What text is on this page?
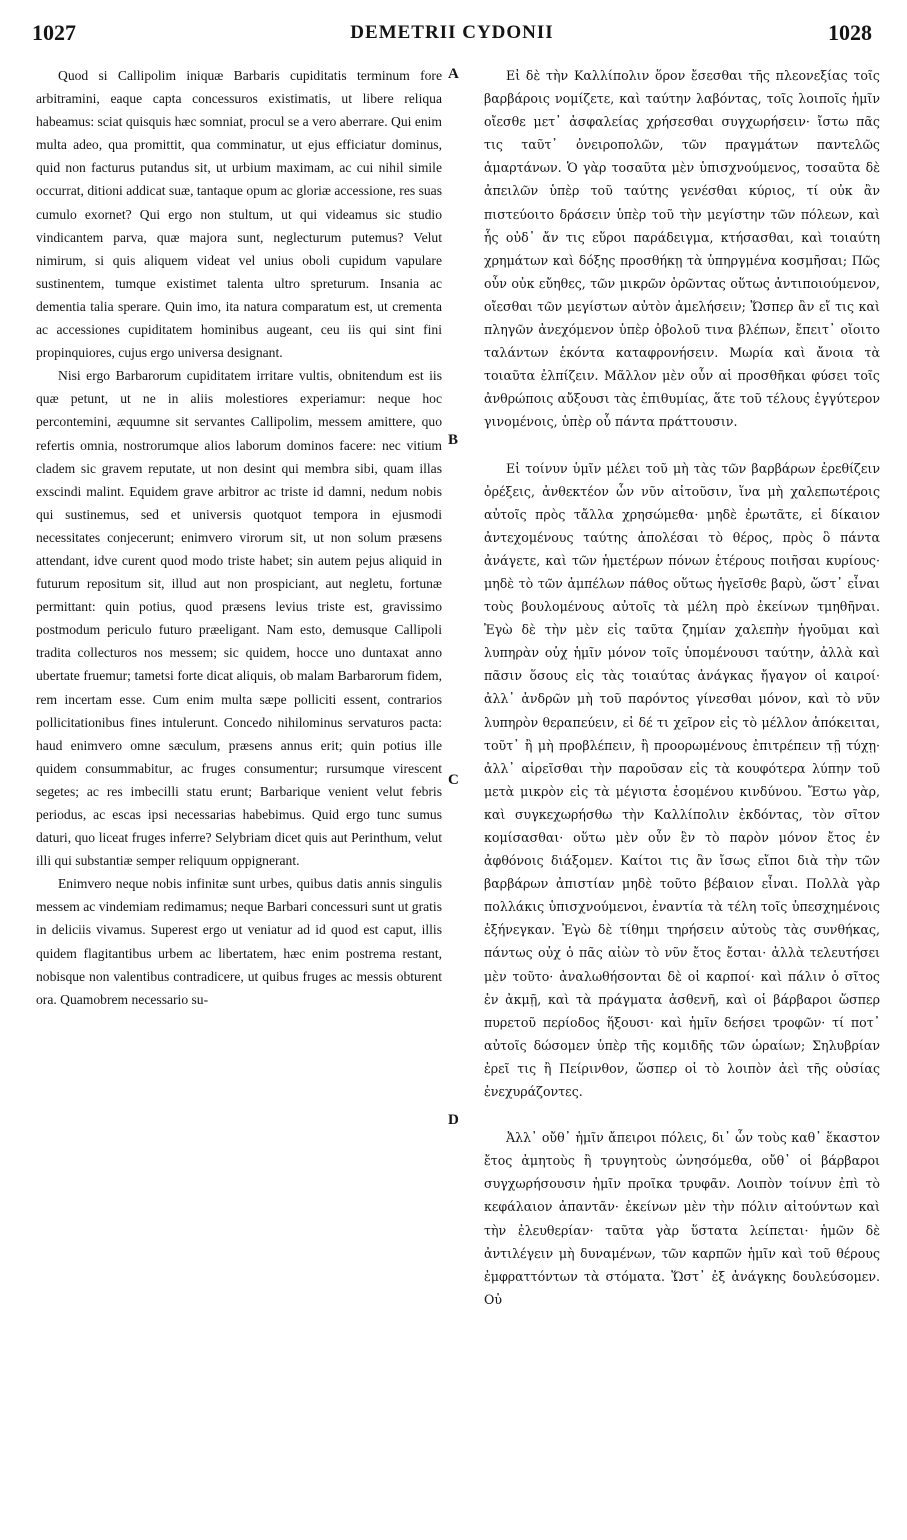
1027	DEMETRII CYDONII	1028

Quod si Callipolim iniquæ Barbaris cupiditatis terminum fore arbitramini, eaque capta concessuros existimatis, ut libere reliqua habeamus: sciat quisquis hæc somniat, procul se a vero aberrare. Qui enim multa adeo, qua promittit, qua comminatur, ut ejus efficiatur dominus, quid non facturus putandus sit, ut urbium maximam, ac cui nihil simile occurrat, ditioni addicat suæ, tantaque opum ac gloriæ accessione, res suas cumulo exornet? Qui ergo non stultum, ut qui videamus sic studio vindicantem parva, quæ majora sunt, neglecturum putemus? Velut nimirum, si quis aliquem videat vel unius oboli cupidum vapulare sustinentem, tumque existimet talenta ultro spreturum. Insania ac dementia talia sperare. Quin imo, ita natura comparatum est, ut crementa ac accessiones cupiditatem hominibus augeant, ceu iis qui sint fini propinquiores, cujus ergo universa designant.

Nisi ergo Barbarorum cupiditatem irritare vultis, obnitendum est iis quæ petunt, ut ne in aliis molestiores experiamur: neque hoc percontemini, æquumne sit servantes Callipolim, messem amittere, quo refertis omnia, nostrorumque alios laborum dominos facere: nec vitium cladem sic gravem reputate, ut non desint qui membra sibi, quam illas exscindi malint. Equidem grave arbitror ac triste id damni, nedum nobis qui sustinemus, sed et universis quotquot tempora in ejusmodi necessitates conjecerunt; enimvero virorum sit, ut non solum præsens attendant, idve curent quod modo triste habet; sin autem pejus aliquid in futurum repositum sit, illud aut non prospiciant, aut negletu, fortunæ permittant: quin potius, quod præsens levius triste est, gravissimo postmodum periculo futuro præeligant. Nam esto, demusque Callipoli tradita collecturos nos messem; sic quidem, hocce uno duntaxat anno ubertate fruemur; tametsi forte dicat aliquis, ob malam Barbarorum fidem, rem incertam esse. Cum enim multa sæpe polliciti essent, contrarios pollicitationibus fines intulerunt. Concedo nihilominus servaturos pacta: haud enimvero omne sæculum, præsens annus erit; quin potius ille quidem consummabitur, ac fruges consumentur; rursumque virescent segetes; ac res imbecilli statu erunt; Barbarique venient velut febris periodus, ac escas ipsi necessarias habebimus. Quid ergo tunc sumus daturi, quo liceat fruges inferre? Selybriam dicet quis aut Perinthum, velut illi qui substantiæ semper reliquum oppignerant.

Enimvero neque nobis infinitæ sunt urbes, quibus datis annis singulis messem ac vindemiam redimamus; neque Barbari concessuri sunt ut gratis in deliciis vivamus. Superest ergo ut veniatur ad id quod est caput, illis quidem flagitantibus urbem ac libertatem, hæc enim postrema restant, nobisque non valentibus contradicere, ut quibus fruges ac messis obturent ora. Quamobrem necessario su-

A
B
C
D

Εἰ δὲ τὴν Καλλίπολιν ὅρον ἔσεσθαι τῆς πλεονεξίας τοῖς βαρβάροις νομίζετε, καὶ ταύτην λαβόντας, τοῖς λοιποῖς ἡμῖν οἴεσθε μετ᾽ ἀσφαλείας χρήσεσθαι συγχωρήσειν· ἴστω πᾶς τις ταῦτ᾽ ὀνειροπολῶν, τῶν πραγμάτων παντελῶς ἁμαρτάνων. Ὁ γὰρ τοσαῦτα μὲν ὑπισχνούμενος, τοσαῦτα δὲ ἀπειλῶν ὑπὲρ τοῦ ταύτης γενέσθαι κύριος, τί οὐκ ἂν πιστεύοιτο δράσειν ὑπὲρ τοῦ τὴν μεγίστην τῶν πόλεων, καὶ ἧς οὐδ᾽ ἄν τις εὕροι παράδειγμα, κτήσασθαι, καὶ τοιαύτη χρημάτων καὶ δόξης προσθήκῃ τὰ ὑπηργμένα κοσμῆσαι; Πῶς οὖν οὐκ εὔηθες, τῶν μικρῶν ὁρῶντας οὕτως ἀντιποιούμενον, οἴεσθαι τῶν μεγίστων αὐτὸν ἀμελήσειν; Ὥσπερ ἂν εἴ τις καὶ πληγῶν ἀνεχόμενον ὑπὲρ ὀβολοῦ τινα βλέπων, ἔπειτ᾽ οἴοιτο ταλάντων ἑκόντα καταφρονήσειν. Μωρία καὶ ἄνοια τὰ τοιαῦτα ἐλπίζειν. Μᾶλλον μὲν οὖν αἱ προσθῆκαι φύσει τοῖς ἀνθρώποις αὔξουσι τὰς ἐπιθυμίας, ἅτε τοῦ τέλους ἐγγύτερον γινομένοις, ὑπὲρ οὗ πάντα πράττουσιν.

Εἰ τοίνυν ὑμῖν μέλει τοῦ μὴ τὰς τῶν βαρβάρων ἐρεθίζειν ὀρέξεις, ἀνθεκτέον ὧν νῦν αἰτοῦσιν, ἵνα μὴ χαλεπωτέροις αὐτοῖς πρὸς τἄλλα χρησώμεθα· μηδὲ ἐρωτᾶτε, εἰ δίκαιον ἀντεχομένους ταύτης ἀπολέσαι τὸ θέρος, πρὸς ὃ πάντα ἀνάγετε, καὶ τῶν ἡμετέρων πόνων ἑτέρους ποιῆσαι κυρίους· μηδὲ τὸ τῶν ἀμπέλων πάθος οὕτως ἡγεῖσθε βαρὺ, ὥστ᾽ εἶναι τοὺς βουλομένους αὐτοῖς τὰ μέλη πρὸ ἐκείνων τμηθῆναι. Ἐγὼ δὲ τὴν μὲν εἰς ταῦτα ζημίαν χαλεπὴν ἡγοῦμαι καὶ λυπηρὰν οὐχ ἡμῖν μόνον τοῖς ὑπομένουσι ταύτην, ἀλλὰ καὶ πᾶσιν ὅσους εἰς τὰς τοιαύτας ἀνάγκας ἤγαγον οἱ καιροί· ἀλλ᾽ ἀνδρῶν μὴ τοῦ παρόντος γίνεσθαι μόνον, καὶ τὸ νῦν λυπηρὸν θεραπεύειν, εἰ δέ τι χεῖρον εἰς τὸ μέλλον ἀπόκειται, τοῦτ᾽ ἢ μὴ προβλέπειν, ἢ προορωμένους ἐπιτρέπειν τῇ τύχῃ· ἀλλ᾽ αἱρεῖσθαι τὴν παροῦσαν εἰς τὰ κουφότερα λύπην τοῦ μετὰ μικρὸν εἰς τὰ μέγιστα ἐσομένου κινδύνου. Ἔστω γὰρ, καὶ συγκεχωρήσθω τὴν Καλλίπολιν ἐκδόντας, τὸν σῖτον κομίσασθαι· οὕτω μὲν οὖν ἓν τὸ παρὸν μόνον ἔτος ἐν ἀφθόνοις διάξομεν. Καίτοι τις ἂν ἴσως εἴποι διὰ τὴν τῶν βαρβάρων ἀπιστίαν μηδὲ τοῦτο βέβαιον εἶναι. Πολλὰ γὰρ πολλάκις ὑπισχνούμενοι, ἐναντία τὰ τέλη τοῖς ὑπεσχημένοις ἐξήνεγκαν. Ἐγὼ δὲ τίθημι τηρήσειν αὐτοὺς τὰς συνθήκας, πάντως οὐχ ὁ πᾶς αἰὼν τὸ νῦν ἔτος ἔσται· ἀλλὰ τελευτήσει μὲν τοῦτο· ἀναλωθήσονται δὲ οἱ καρποί· καὶ πάλιν ὁ σῖτος ἐν ἀκμῇ, καὶ τὰ πράγματα ἀσθενῆ, καὶ οἱ βάρβαροι ὥσπερ πυρετοῦ περίοδος ἥξουσι· καὶ ἡμῖν δεήσει τροφῶν· τί ποτ᾽ αὐτοῖς δώσομεν ὑπὲρ τῆς κομιδῆς τῶν ὡραίων; Σηλυβρίαν ἐρεῖ τις ἢ Πείρινθον, ὥσπερ οἱ τὸ λοιπὸν ἀεὶ τῆς οὐσίας ἐνεχυράζοντες.

Ἀλλ᾽ οὔθ᾽ ἡμῖν ἄπειροι πόλεις, δι᾽ ὧν τοὺς καθ᾽ ἕκαστον ἔτος ἀμητοὺς ἢ τρυγητοὺς ὠνησόμεθα, οὔθ᾽ οἱ βάρβαροι συγχωρήσουσιν ἡμῖν προῖκα τρυφᾶν. Λοιπὸν τοίνυν ἐπὶ τὸ κεφάλαιον ἀπαντᾶν· ἐκείνων μὲν τὴν πόλιν αἰτούντων καὶ τὴν ἐλευθερίαν· ταῦτα γὰρ ὕστατα λείπεται· ἡμῶν δὲ ἀντιλέγειν μὴ δυναμένων, τῶν καρπῶν ἡμῖν καὶ τοῦ θέρους ἐμφραττόντων τὰ στόματα. Ὥστ᾽ ἐξ ἀνάγκης δουλεύσομεν. Οὐ
